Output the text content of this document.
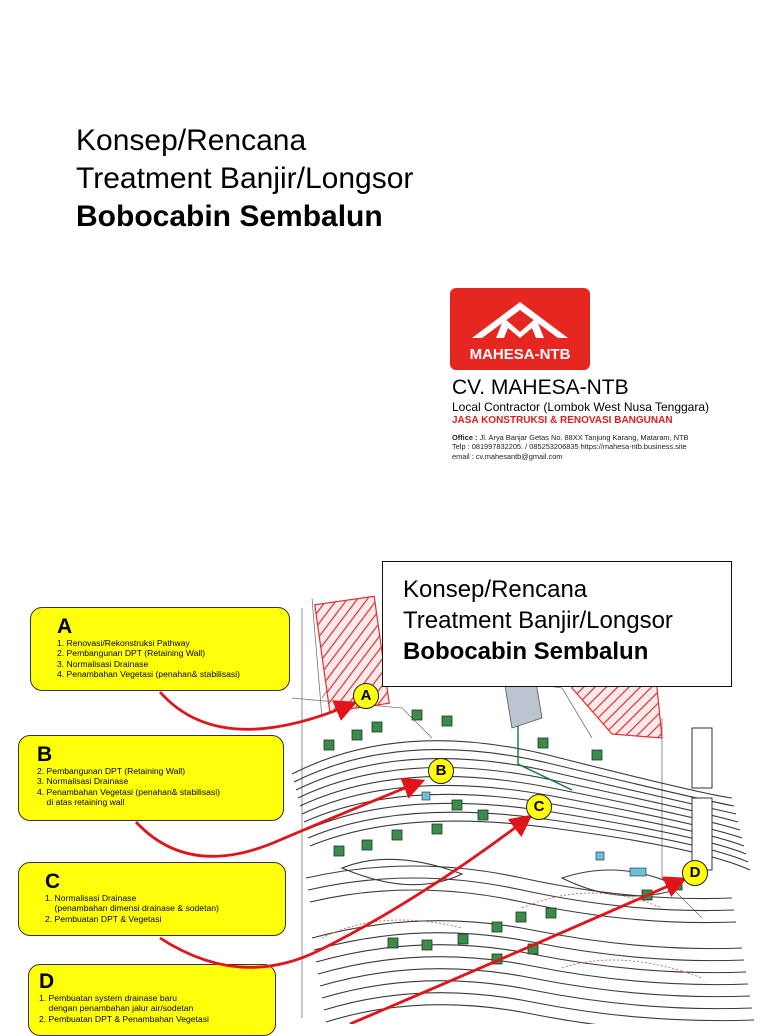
Konsep/Rencana
Treatment Banjir/Longsor
Bobocabin Sembalun
MAHESA-NTB
CV. MAHESA-NTB
Local Contractor (Lombok West Nusa Tenggara)
JASA KONSTRUKSI & RENOVASI BANGUNAN
Office : Jl. Arya Banjar Getas No. 88XX Tanjung Karang, Mataram, NTB
Telp : 081997832205. / 085253206835 https://mahesa-ntb.business.site
email : cv.mahesantb@gmail.com
Konsep/Rencana
Treatment Banjir/Longsor
Bobocabin Sembalun
A
1. Renovasi/Rekonstruksi Pathway
2. Pembangunan DPT (Retaining Wall)
3. Normalisasi Drainase
4. Penambahan Vegetasi (penahan& stabilisasi)
B
2. Pembangunan DPT (Retaining Wall)
3. Normalisasi Drainase
4. Penambahan Vegetasi (penahan& stabilisasi)
di atas retaining wall
C
1. Normalisasi Drainase
(penambahan dimensi drainase & sodetan)
2. Pembuatan DPT & Vegetasi
D
1. Pembuatan system drainase baru
dengan penambahan jalur air/sodetan
2. Pembuatan DPT & Penambahan Vegetasi
A
B
C
D
